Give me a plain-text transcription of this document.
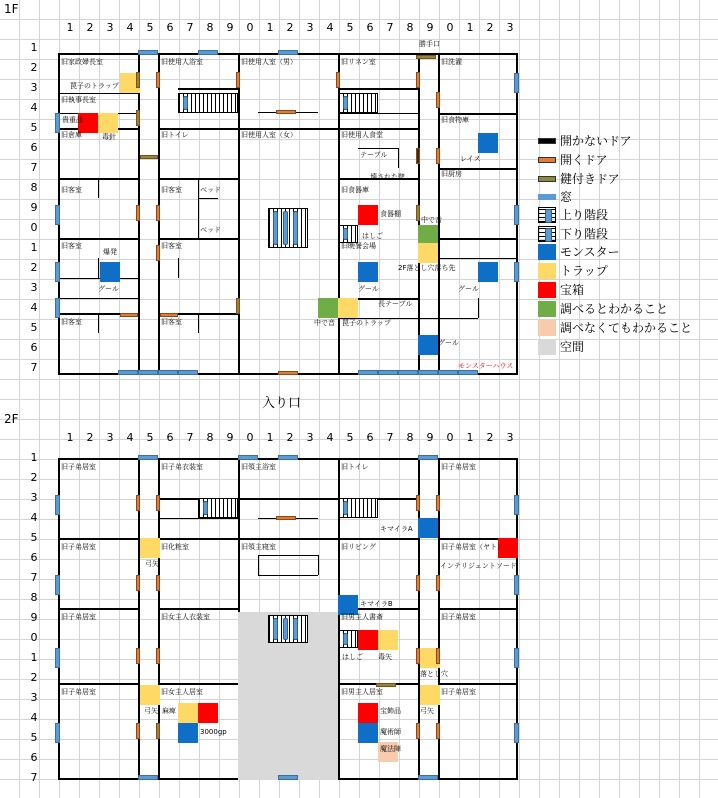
1F
1	2	3	4	5	6	7	8	9	0	1	2	3	4	5	6	7	8	9	0	1	2	3
1
2
3
4
5
6
7
8
9
0
1
2
3
4
5
6
7
旧家政婦長室
旧執事長室
旧倉庫
旧使用人浴室	旧使用人室（男）	旧リネン室	旧洗濯
旧食物庫
旧トイレ	旧使用人室（女）	旧使用人食堂
旧厨房
旧客室	旧客室	旧食器庫
旧客室	旧客室	旧晩餐会場
旧客室	旧客室
勝手口
罠子のトラップ
貴重品
毒針
レイス
テーブル
壊された壁
ベッド
ベッド
食器棚
中で音
はしご
爆発
グール
2F落とし穴落ち先
グール	グール
長テーブル
中で音 罠子のトラップ
グール
モンスターハウス
入り口
2F
1	2	3	4	5	6	7	8	9	0	1	2	3	4	5	6	7	8	9	0	1	2	3
1
2
3
4
5
6
7
8
9
0
1
2
3
4
5
6
7
旧子弟居室	旧子弟衣装室	旧領主浴室	旧トイレ
旧子弟居室
旧子弟居室
旧化粧室	旧領主寝室	旧リビング	旧子弟居室（ヤト）
旧子弟居室
旧女主人衣装室	旧男主人書斎
旧子弟居室	旧子弟居室
旧女主人居室	旧男主人居室
旧子弟居室
キマイラA
弓矢	インテリジェントソード
キマイラB
はしご 毒矢
落とし穴
弓矢
麻痺
3000gp
宝飾品
魔術師
魔法陣
弓矢
開かないドア
開くドア
鍵付きドア
窓
上り階段
下り階段
モンスター
トラップ
宝箱
調べるとわかること
調べなくてもわかること
空間
